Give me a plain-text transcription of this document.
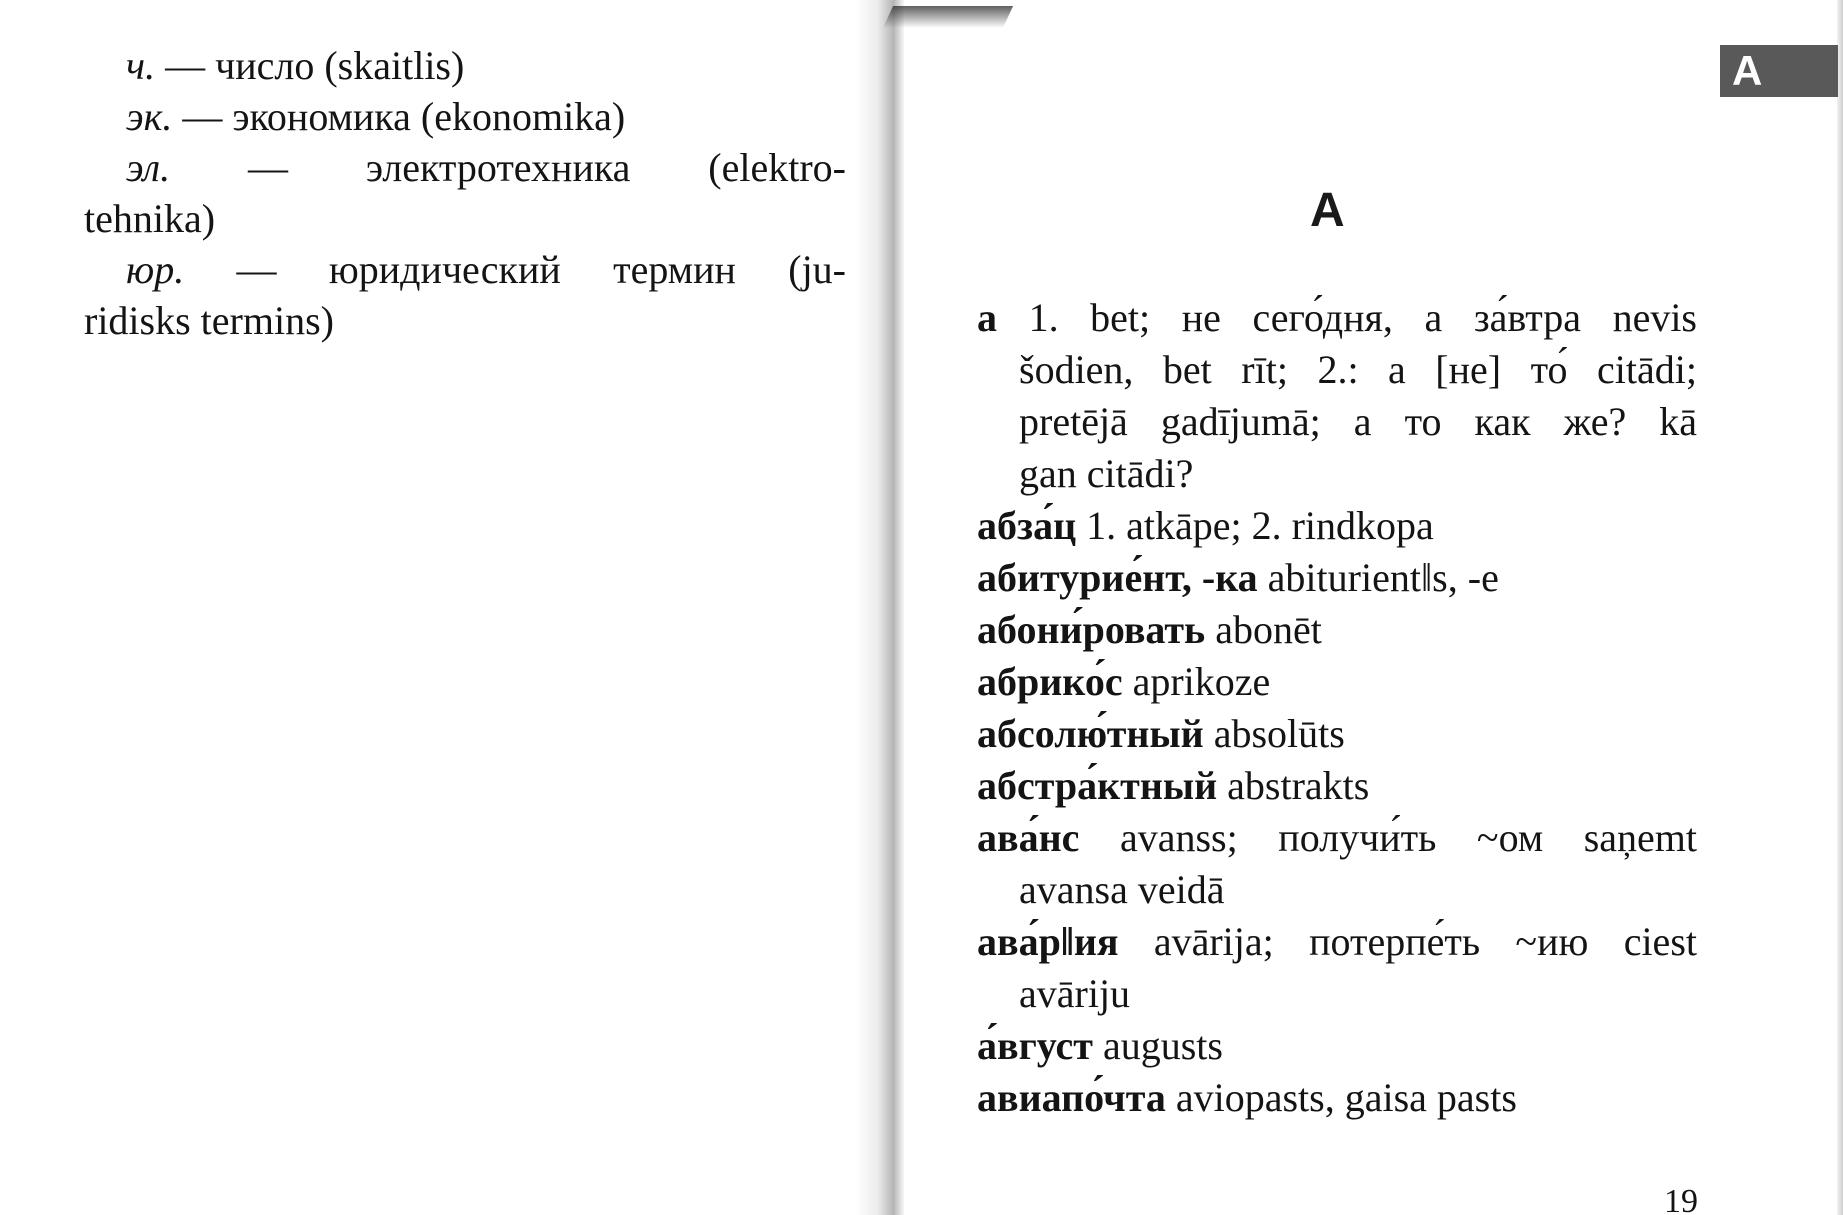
ч. — число (skaitlis)
эк. — экономика (ekonomika)
эл. — электротехника (elektro-
tehnika)
юр. — юридический термин (ju-
ridisks termins)
A
A
а 1. bet; не сего́дня, а за́втра nevis
šodien, bet rīt; 2.: а [не] то́ citādi;
pretējā gadījumā; а то как же? kā
gan citādi?
абза́ц 1. atkāpe; 2. rindkopa
абитурие́нт, -ка abiturient‖s, -e
абони́ровать abonēt
абрико́с aprikoze
абсолю́тный absolūts
абстра́ктный abstrakts
ава́нс avanss; получи́ть ~ом saņemt
avansa veidā
ава́р‖ия avārija; потерпе́ть ~ию ciest
avāriju
а́вгуст augusts
авиапо́чта aviopasts, gaisa pasts
19
